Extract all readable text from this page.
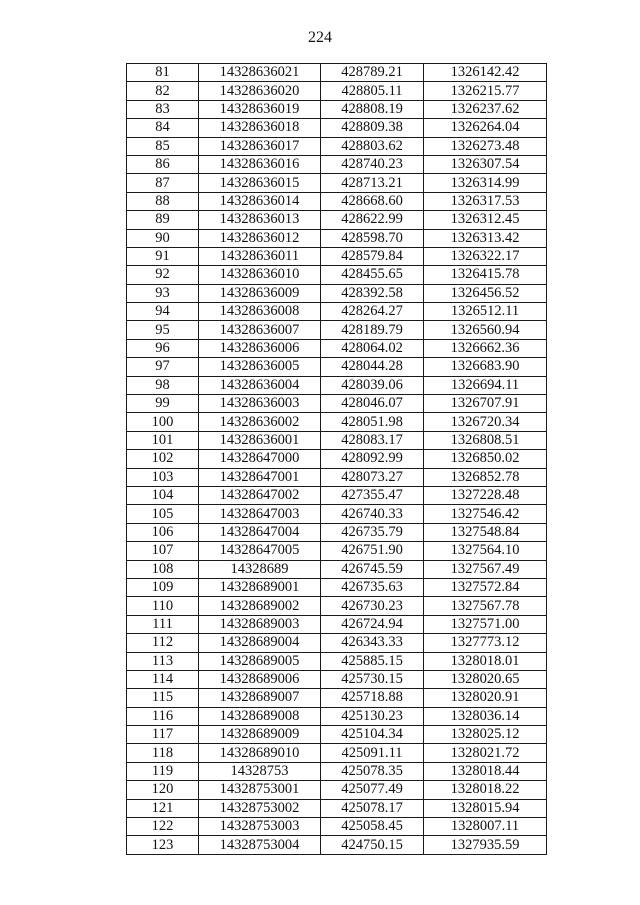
224
81	14328636021	428789.21	1326142.42
82	14328636020	428805.11	1326215.77
83	14328636019	428808.19	1326237.62
84	14328636018	428809.38	1326264.04
85	14328636017	428803.62	1326273.48
86	14328636016	428740.23	1326307.54
87	14328636015	428713.21	1326314.99
88	14328636014	428668.60	1326317.53
89	14328636013	428622.99	1326312.45
90	14328636012	428598.70	1326313.42
91	14328636011	428579.84	1326322.17
92	14328636010	428455.65	1326415.78
93	14328636009	428392.58	1326456.52
94	14328636008	428264.27	1326512.11
95	14328636007	428189.79	1326560.94
96	14328636006	428064.02	1326662.36
97	14328636005	428044.28	1326683.90
98	14328636004	428039.06	1326694.11
99	14328636003	428046.07	1326707.91
100	14328636002	428051.98	1326720.34
101	14328636001	428083.17	1326808.51
102	14328647000	428092.99	1326850.02
103	14328647001	428073.27	1326852.78
104	14328647002	427355.47	1327228.48
105	14328647003	426740.33	1327546.42
106	14328647004	426735.79	1327548.84
107	14328647005	426751.90	1327564.10
108	14328689	426745.59	1327567.49
109	14328689001	426735.63	1327572.84
110	14328689002	426730.23	1327567.78
111	14328689003	426724.94	1327571.00
112	14328689004	426343.33	1327773.12
113	14328689005	425885.15	1328018.01
114	14328689006	425730.15	1328020.65
115	14328689007	425718.88	1328020.91
116	14328689008	425130.23	1328036.14
117	14328689009	425104.34	1328025.12
118	14328689010	425091.11	1328021.72
119	14328753	425078.35	1328018.44
120	14328753001	425077.49	1328018.22
121	14328753002	425078.17	1328015.94
122	14328753003	425058.45	1328007.11
123	14328753004	424750.15	1327935.59
